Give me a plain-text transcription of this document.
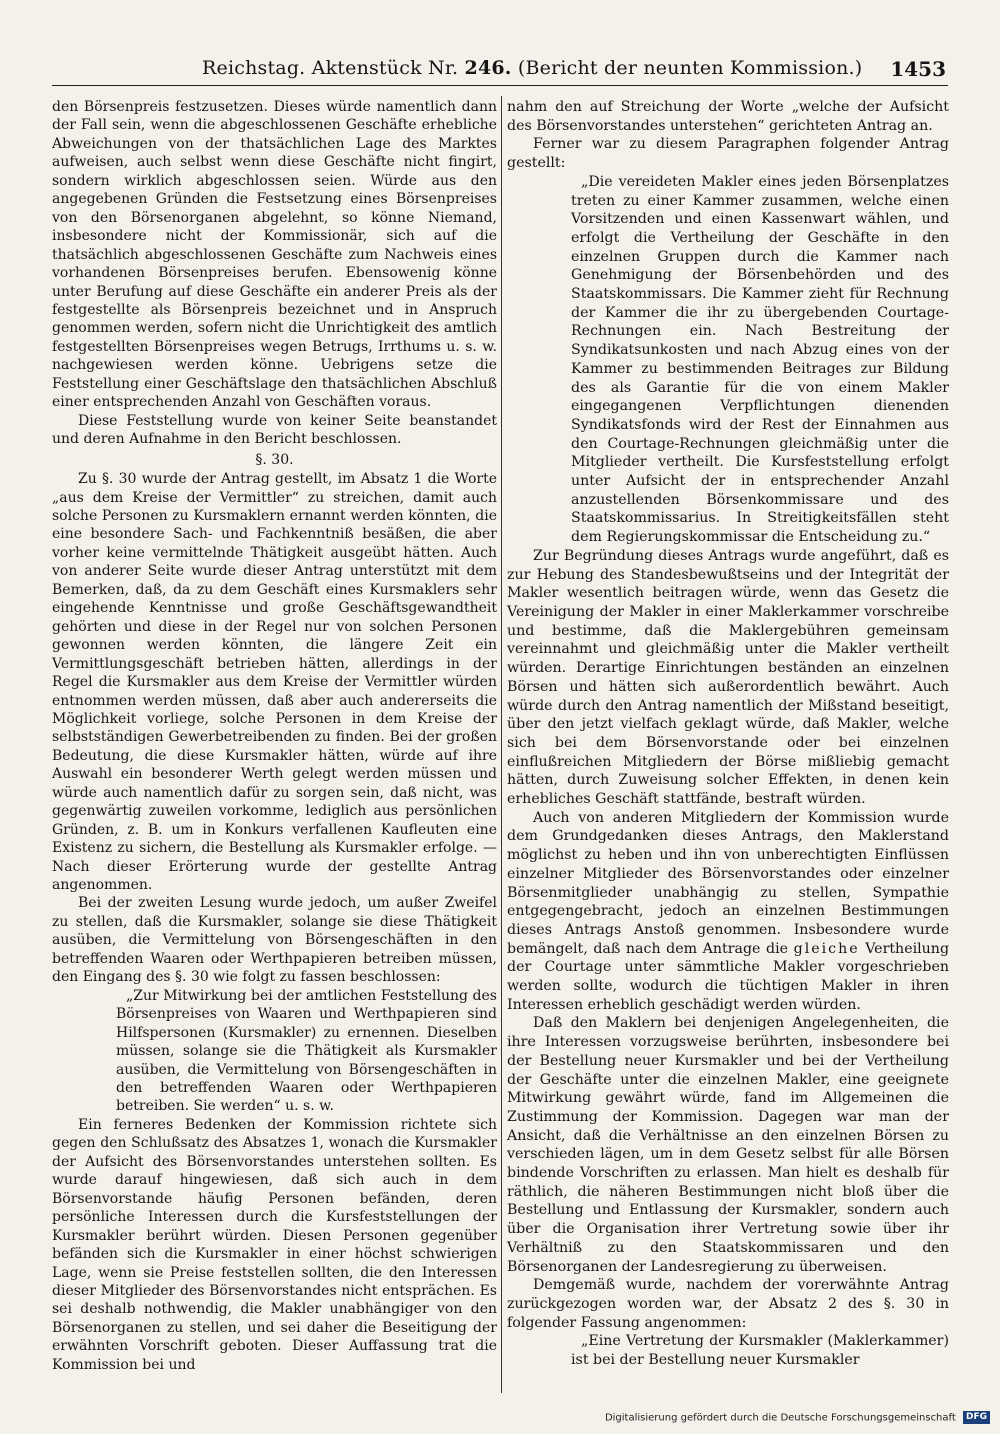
Reichstag. Aktenstück Nr. 246. (Bericht der neunten Kommission.) 1453

den Börsenpreis festzusetzen. Dieses würde namentlich dann der Fall sein, wenn die abgeschlossenen Geschäfte erhebliche Abweichungen von der thatsächlichen Lage des Marktes aufweisen, auch selbst wenn diese Geschäfte nicht fingirt, sondern wirklich abgeschlossen seien. Würde aus den angegebenen Gründen die Festsetzung eines Börsenpreises von den Börsenorganen abgelehnt, so könne Niemand, insbesondere nicht der Kommissionär, sich auf die thatsächlich abgeschlossenen Geschäfte zum Nachweis eines vorhandenen Börsenpreises berufen. Ebensowenig könne unter Berufung auf diese Geschäfte ein anderer Preis als der festgestellte als Börsenpreis bezeichnet und in Anspruch genommen werden, sofern nicht die Unrichtigkeit des amtlich festgestellten Börsenpreises wegen Betrugs, Irrthums u. s. w. nachgewiesen werden könne. Uebrigens setze die Feststellung einer Geschäftslage den thatsächlichen Abschluß einer entsprechenden Anzahl von Geschäften voraus.

Diese Feststellung wurde von keiner Seite beanstandet und deren Aufnahme in den Bericht beschlossen.

§. 30.

Zu §. 30 wurde der Antrag gestellt, im Absatz 1 die Worte „aus dem Kreise der Vermittler“ zu streichen, damit auch solche Personen zu Kursmaklern ernannt werden könnten, die eine besondere Sach- und Fachkenntniß besäßen, die aber vorher keine vermittelnde Thätigkeit ausgeübt hätten. Auch von anderer Seite wurde dieser Antrag unterstützt mit dem Bemerken, daß, da zu dem Geschäft eines Kursmaklers sehr eingehende Kenntnisse und große Geschäftsgewandtheit gehörten und diese in der Regel nur von solchen Personen gewonnen werden könnten, die längere Zeit ein Vermittlungsgeschäft betrieben hätten, allerdings in der Regel die Kursmakler aus dem Kreise der Vermittler würden entnommen werden müssen, daß aber auch andererseits die Möglichkeit vorliege, solche Personen in dem Kreise der selbstständigen Gewerbetreibenden zu finden. Bei der großen Bedeutung, die diese Kursmakler hätten, würde auf ihre Auswahl ein besonderer Werth gelegt werden müssen und würde auch namentlich dafür zu sorgen sein, daß nicht, was gegenwärtig zuweilen vorkomme, lediglich aus persönlichen Gründen, z. B. um in Konkurs verfallenen Kaufleuten eine Existenz zu sichern, die Bestellung als Kursmakler erfolge. — Nach dieser Erörterung wurde der gestellte Antrag angenommen.

Bei der zweiten Lesung wurde jedoch, um außer Zweifel zu stellen, daß die Kursmakler, solange sie diese Thätigkeit ausüben, die Vermittelung von Börsengeschäften in den betreffenden Waaren oder Werthpapieren betreiben müssen, den Eingang des §. 30 wie folgt zu fassen beschlossen:

„Zur Mitwirkung bei der amtlichen Feststellung des Börsenpreises von Waaren und Werthpapieren sind Hilfspersonen (Kursmakler) zu ernennen. Dieselben müssen, solange sie die Thätigkeit als Kursmakler ausüben, die Vermittelung von Börsengeschäften in den betreffenden Waaren oder Werthpapieren betreiben. Sie werden“ u. s. w.

Ein ferneres Bedenken der Kommission richtete sich gegen den Schlußsatz des Absatzes 1, wonach die Kursmakler der Aufsicht des Börsenvorstandes unterstehen sollten. Es wurde darauf hingewiesen, daß sich auch in dem Börsenvorstande häufig Personen befänden, deren persönliche Interessen durch die Kursfeststellungen der Kursmakler berührt würden. Diesen Personen gegenüber befänden sich die Kursmakler in einer höchst schwierigen Lage, wenn sie Preise feststellen sollten, die den Interessen dieser Mitglieder des Börsenvorstandes nicht entsprächen. Es sei deshalb nothwendig, die Makler unabhängiger von den Börsenorganen zu stellen, und sei daher die Beseitigung der erwähnten Vorschrift geboten. Dieser Auffassung trat die Kommission bei und

nahm den auf Streichung der Worte „welche der Aufsicht des Börsenvorstandes unterstehen“ gerichteten Antrag an.

Ferner war zu diesem Paragraphen folgender Antrag gestellt:

„Die vereideten Makler eines jeden Börsenplatzes treten zu einer Kammer zusammen, welche einen Vorsitzenden und einen Kassenwart wählen, und erfolgt die Vertheilung der Geschäfte in den einzelnen Gruppen durch die Kammer nach Genehmigung der Börsenbehörden und des Staatskommissars. Die Kammer zieht für Rechnung der Kammer die ihr zu übergebenden Courtage-Rechnungen ein. Nach Bestreitung der Syndikatsunkosten und nach Abzug eines von der Kammer zu bestimmenden Beitrages zur Bildung des als Garantie für die von einem Makler eingegangenen Verpflichtungen dienenden Syndikatsfonds wird der Rest der Einnahmen aus den Courtage-Rechnungen gleichmäßig unter die Mitglieder vertheilt. Die Kursfeststellung erfolgt unter Aufsicht der in entsprechender Anzahl anzustellenden Börsenkommissare und des Staatskommissarius. In Streitigkeitsfällen steht dem Regierungskommissar die Entscheidung zu.“

Zur Begründung dieses Antrags wurde angeführt, daß es zur Hebung des Standesbewußtseins und der Integrität der Makler wesentlich beitragen würde, wenn das Gesetz die Vereinigung der Makler in einer Maklerkammer vorschreibe und bestimme, daß die Maklergebühren gemeinsam vereinnahmt und gleichmäßig unter die Makler vertheilt würden. Derartige Einrichtungen beständen an einzelnen Börsen und hätten sich außerordentlich bewährt. Auch würde durch den Antrag namentlich der Mißstand beseitigt, über den jetzt vielfach geklagt würde, daß Makler, welche sich bei dem Börsenvorstande oder bei einzelnen einflußreichen Mitgliedern der Börse mißliebig gemacht hätten, durch Zuweisung solcher Effekten, in denen kein erhebliches Geschäft stattfände, bestraft würden.

Auch von anderen Mitgliedern der Kommission wurde dem Grundgedanken dieses Antrags, den Maklerstand möglichst zu heben und ihn von unberechtigten Einflüssen einzelner Mitglieder des Börsenvorstandes oder einzelner Börsenmitglieder unabhängig zu stellen, Sympathie entgegengebracht, jedoch an einzelnen Bestimmungen dieses Antrags Anstoß genommen. Insbesondere wurde bemängelt, daß nach dem Antrage die gleiche Vertheilung der Courtage unter sämmtliche Makler vorgeschrieben werden sollte, wodurch die tüchtigen Makler in ihren Interessen erheblich geschädigt werden würden.

Daß den Maklern bei denjenigen Angelegenheiten, die ihre Interessen vorzugsweise berührten, insbesondere bei der Bestellung neuer Kursmakler und bei der Vertheilung der Geschäfte unter die einzelnen Makler, eine geeignete Mitwirkung gewährt würde, fand im Allgemeinen die Zustimmung der Kommission. Dagegen war man der Ansicht, daß die Verhältnisse an den einzelnen Börsen zu verschieden lägen, um in dem Gesetz selbst für alle Börsen bindende Vorschriften zu erlassen. Man hielt es deshalb für räthlich, die näheren Bestimmungen nicht bloß über die Bestellung und Entlassung der Kursmakler, sondern auch über die Organisation ihrer Vertretung sowie über ihr Verhältniß zu den Staatskommissaren und den Börsenorganen der Landesregierung zu überweisen.

Demgemäß wurde, nachdem der vorerwähnte Antrag zurückgezogen worden war, der Absatz 2 des §. 30 in folgender Fassung angenommen:

„Eine Vertretung der Kursmakler (Maklerkammer) ist bei der Bestellung neuer Kursmakler

Digitalisierung gefördert durch die Deutsche Forschungsgemeinschaft DFG
